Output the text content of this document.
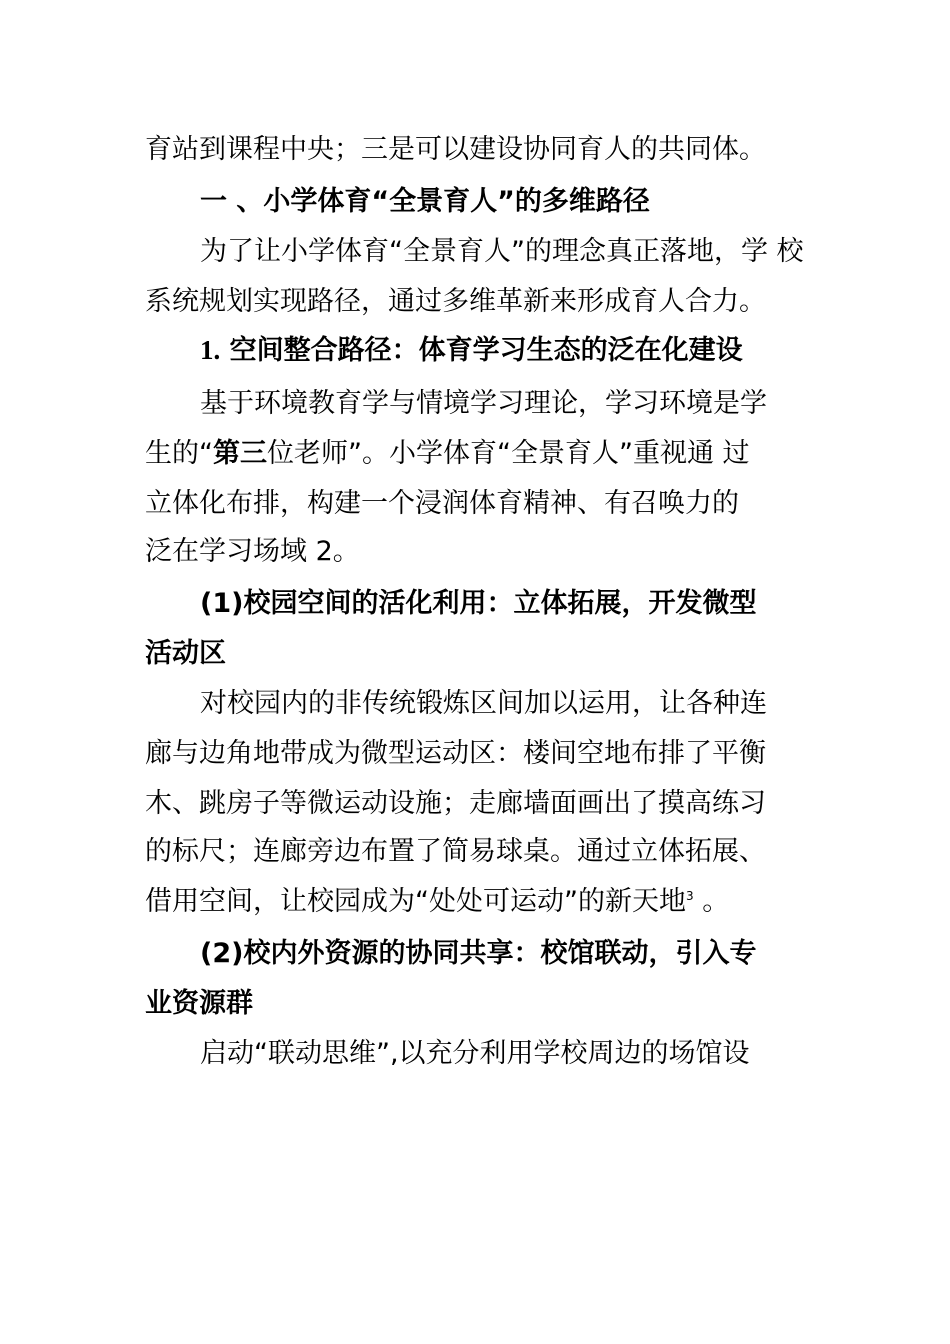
育站到课程中央；三是可以建设协同育人的共同体。
一 、小学体育“全景育人”的多维路径
为了让小学体育“全景育人”的理念真正落地，学 校
系统规划实现路径，通过多维革新来形成育人合力。
1. 空间整合路径：体育学习生态的泛在化建设
基于环境教育学与情境学习理论，学习环境是学
生的“第三位老师”。小学体育“全景育人”重视通 过
立体化布排，构建一个浸润体育精神、有召唤力的
泛在学习场域 2。
(1)校园空间的活化利用：立体拓展，开发微型
活动区
对校园内的非传统锻炼区间加以运用，让各种连
廊与边角地带成为微型运动区：楼间空地布排了平衡
木、跳房子等微运动设施；走廊墙面画出了摸高练习
的标尺；连廊旁边布置了简易球桌。通过立体拓展、
借用空间，让校园成为“处处可运动”的新天地$^3$ 。
(2)校内外资源的协同共享：校馆联动，引入专
业资源群
启动“联动思维”,以充分利用学校周边的场馆设
